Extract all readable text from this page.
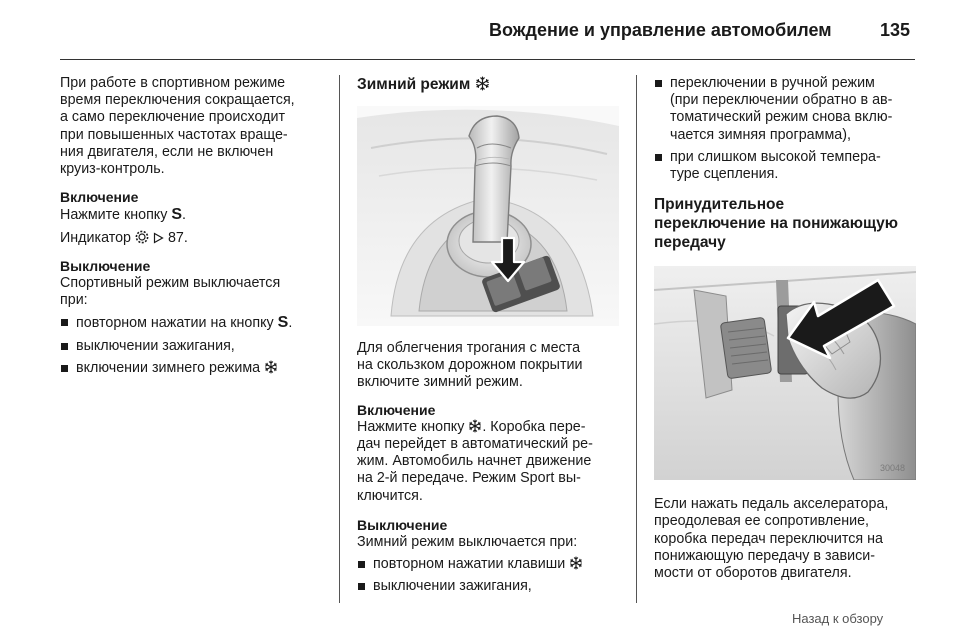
Вождение и управление автомобилем	135

При работе в спортивном режиме
время переключения сокращается,
а само переключение происходит
при повышенных частотах враще-
ния двигателя, если не включен
круиз-контроль.

Включение

Нажмите кнопку S.

Индикатор	87.

Выключение

Спортивный режим выключается
при:

повторном нажатии на кнопку S.
выключении зажигания,
включении зимнего режима

Зимний режим

Для облегчения трогания с места
на скользком дорожном покрытии
включите зимний режим.

Включение

Нажмите кнопку . Коробка пере-
дач перейдет в автоматический ре-
жим. Автомобиль начнет движение
на 2-й передаче. Режим Sport вы-
ключится.

Выключение

Зимний режим выключается при:

повторном нажатии клавиши
выключении зажигания,
переключении в ручной режим
(при переключении обратно в ав-
томатический режим снова вклю-
чается зимняя программа),
при слишком высокой темпера-
туре сцепления.

Принудительное
переключение на понижающую
передачу

30048

Если нажать педаль акселератора,
преодолевая ее сопротивление,
коробка передач переключится на
понижающую передачу в зависи-
мости от оборотов двигателя.

Назад к обзору
